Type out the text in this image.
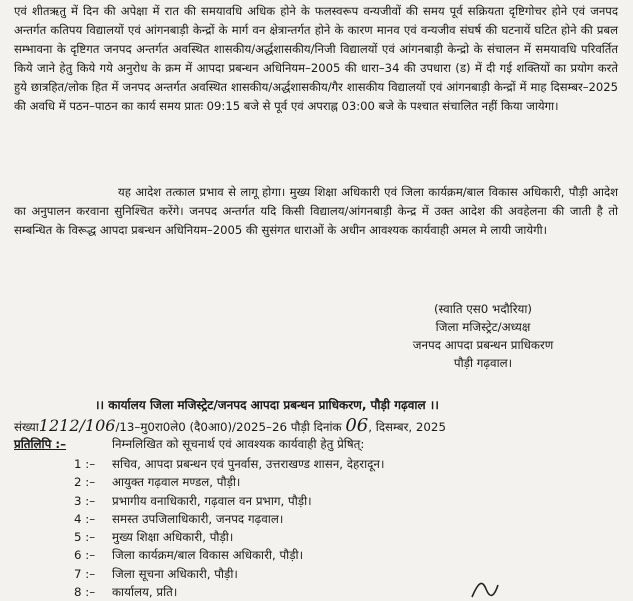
एवं शीतऋतु में दिन की अपेक्षा में रात की समयावधि अधिक होने के फलस्वरूप वन्यजीवों की समय पूर्व सक्रियता दृष्टिगोचर होने एवं जनपद अन्तर्गत कतिपय विद्यालयों एवं आंगनबाड़ी केन्द्रों के मार्ग वन क्षेत्रान्तर्गत होने के कारण मानव एवं वन्यजीव संघर्ष की घटनायें घटित होने की प्रबल सम्भावना के दृष्टिगत जनपद अन्तर्गत अवस्थित शासकीय/अर्द्धशासकीय/निजी विद्यालयों एवं आंगनबाड़ी केन्द्रो के संचालन में समयावधि परिवर्तित किये जाने हेतु किये गये अनुरोध के क्रम में आपदा प्रबन्धन अधिनियम–2005 की धारा–34 की उपधारा (ड) में दी गई शक्तियों का प्रयोग करते हुये छात्रहित/लोक हित में जनपद अन्तर्गत अवस्थित शासकीय/अर्द्धशासकीय/गैर शासकीय विद्यालयों एवं आंगनबाड़ी केन्द्रों में माह दिसम्बर–2025 की अवधि में पठन–पाठन का कार्य समय प्रातः 09:15 बजे से पूर्व एवं अपराह्न 03:00 बजे के पश्चात संचालित नहीं किया जायेगा।

यह आदेश तत्काल प्रभाव से लागू होगा। मुख्य शिक्षा अधिकारी एवं जिला कार्यक्रम/बाल विकास अधिकारी, पौड़ी आदेश का अनुपालन करवाना सुनिश्चित करेंगे। जनपद अन्तर्गत यदि किसी विद्यालय/आंगनबाड़ी केन्द्र में उक्त आदेश की अवहेलना की जाती है तो सम्बन्धित के विरूद्ध आपदा प्रबन्धन अधिनियम–2005 की सुसंगत धाराओं के अधीन आवश्यक कार्यवाही अमल मे लायी जायेगी।

(स्वाति एस0 भदौरिया)
जिला मजिस्ट्रेट/अध्यक्ष
जनपद आपदा प्रबन्धन प्राधिकरण
पौड़ी गढ़वाल।
।। कार्यालय जिला मजिस्ट्रेट/जनपद आपदा प्रबन्धन प्राधिकरण, पौड़ी गढ़वाल ।।
संख्या1212/106/13–मु0रा0ले0 (दै0आ0)/2025–26 पौड़ी दिनांक 06, दिसम्बर, 2025
प्रतिलिपि :–	निम्नलिखित को सूचनार्थ एवं आवश्यक कार्यवाही हेतु प्रेषित्:
1 :– सचिव, आपदा प्रबन्धन एवं पुनर्वास, उत्तराखण्ड शासन, देहरादून।
2 :– आयुक्त गढ़वाल मण्डल, पौड़ी।
3 :– प्रभागीय वनाधिकारी, गढ़वाल वन प्रभाग, पौड़ी।
4 :– समस्त उपजिलाधिकारी, जनपद गढ़वाल।
5 :– मुख्य शिक्षा अधिकारी, पौड़ी।
6 :– जिला कार्यक्रम/बाल विकास अधिकारी, पौड़ी।
7 :– जिला सूचना अधिकारी, पौड़ी।
8 :– कार्यालय, प्रति।
